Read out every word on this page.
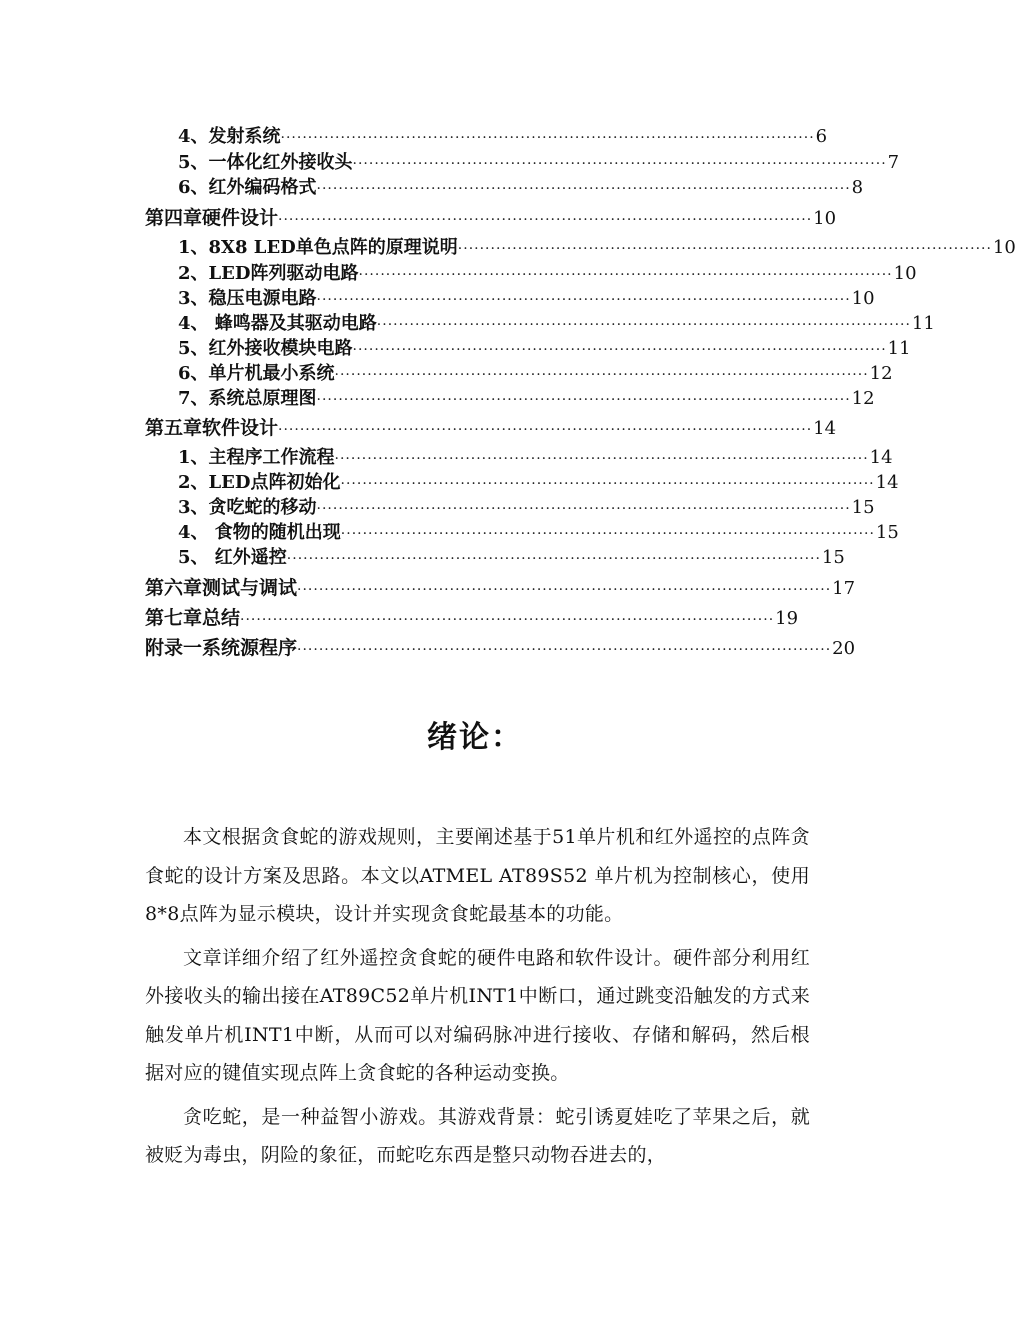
4、发射系统 ·································································································· 6
5、一体化红外接收头 ·································································································· 7
6、红外编码格式 ·································································································· 8
第四章 硬件设计 ·································································································· 10
1、8X8 LED单色点阵的原理说明 ·································································································· 10
2、LED阵列驱动电路 ·································································································· 10
3、稳压电源电路 ·································································································· 10
4、 蜂鸣器及其驱动电路 ·································································································· 11
5、红外接收模块电路 ·································································································· 11
6、单片机最小系统 ·································································································· 12
7、系统总原理图 ·································································································· 12
第五章 软件设计 ·································································································· 14
1、主程序工作流程 ·································································································· 14
2、LED点阵初始化 ·································································································· 14
3、贪吃蛇的移动 ·································································································· 15
4、 食物的随机出现 ·································································································· 15
5、 红外遥控 ·································································································· 15
第六章 测试与调试 ·································································································· 17
第七章 总结 ·································································································· 19
附录一 系统源程序 ·································································································· 20
绪论：

本文根据贪食蛇的游戏规则，主要阐述基于51单片机和红外遥控的点阵贪食蛇的设计方案及思路。本文以ATMEL AT89S52 单片机为控制核心，使用8*8点阵为显示模块，设计并实现贪食蛇最基本的功能。

文章详细介绍了红外遥控贪食蛇的硬件电路和软件设计。硬件部分利用红外接收头的输出接在AT89C52单片机INT1中断口，通过跳变沿触发的方式来触发单片机INT1中断，从而可以对编码脉冲进行接收、存储和解码，然后根据对应的键值实现点阵上贪食蛇的各种运动变换。

贪吃蛇，是一种益智小游戏。其游戏背景：蛇引诱夏娃吃了苹果之后，就被贬为毒虫，阴险的象征，而蛇吃东西是整只动物吞进去的，
